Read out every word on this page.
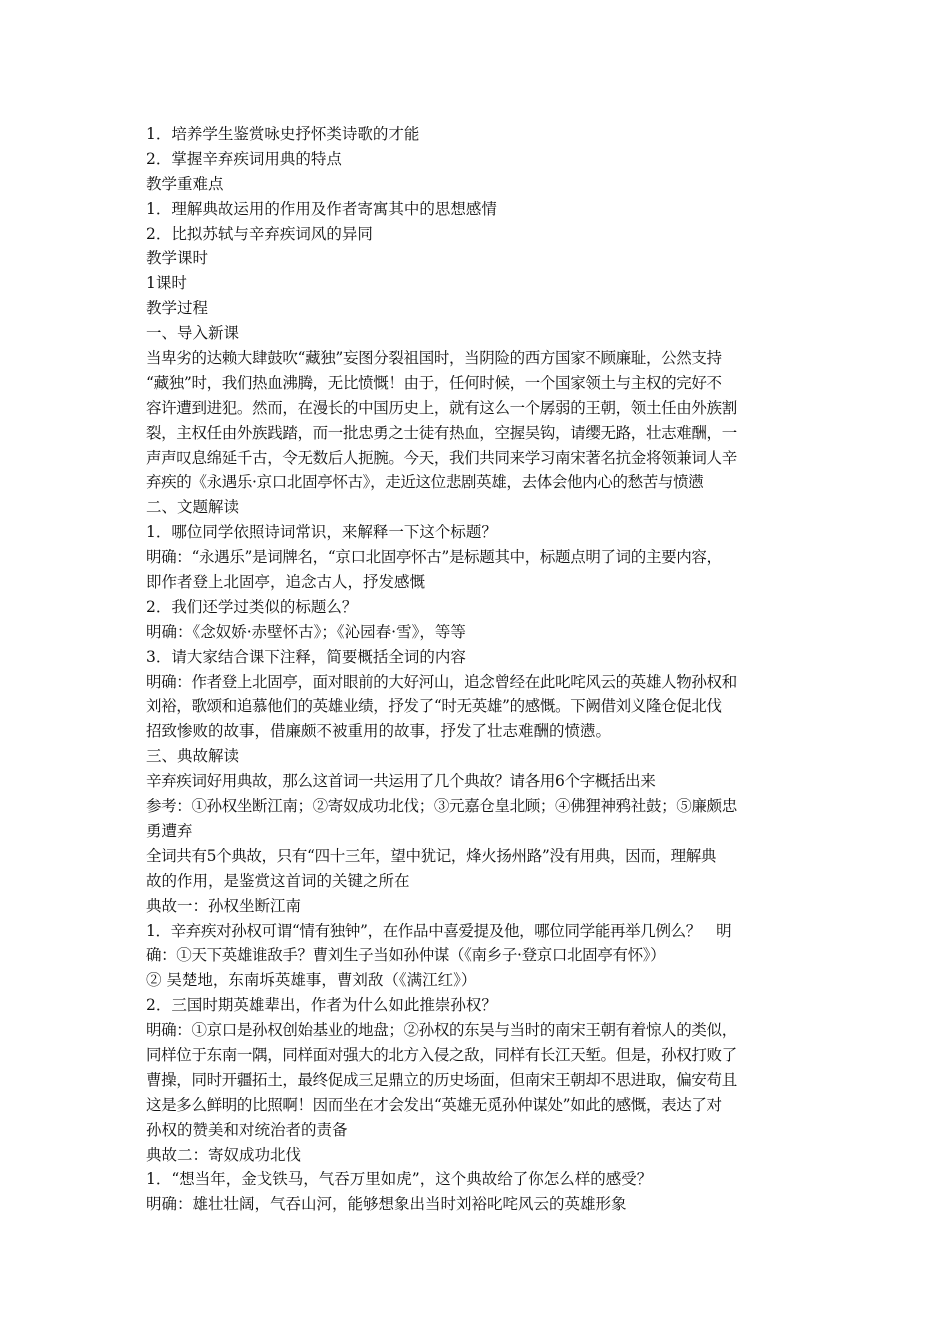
1．培养学生鉴赏咏史抒怀类诗歌的才能
2．掌握辛弃疾词用典的特点
教学重难点
1．理解典故运用的作用及作者寄寓其中的思想感情
2．比拟苏轼与辛弃疾词风的异同
教学课时
1课时
教学过程
一、导入新课
当卑劣的达赖大肆鼓吹“藏独”妄图分裂祖国时，当阴险的西方国家不顾廉耻，公然支持
“藏独”时，我们热血沸腾，无比愤慨！由于，任何时候，一个国家领土与主权的完好不
容许遭到进犯。然而，在漫长的中国历史上，就有这么一个孱弱的王朝，领土任由外族割
裂，主权任由外族践踏，而一批忠勇之士徒有热血，空握吴钩，请缨无路，壮志难酬，一
声声叹息绵延千古，令无数后人扼腕。今天，我们共同来学习南宋著名抗金将领兼词人辛
弃疾的《永遇乐·京口北固亭怀古》，走近这位悲剧英雄，去体会他内心的愁苦与愤懑
二、文题解读
1．哪位同学依照诗词常识，来解释一下这个标题？
明确：“永遇乐”是词牌名，“京口北固亭怀古”是标题其中，标题点明了词的主要内容，
即作者登上北固亭，追念古人，抒发感慨
2．我们还学过类似的标题么？
明确：《念奴娇·赤壁怀古》；《沁园春·雪》，等等
3．请大家结合课下注释，简要概括全词的内容
明确：作者登上北固亭，面对眼前的大好河山，追念曾经在此叱咤风云的英雄人物孙权和
刘裕，歌颂和追慕他们的英雄业绩，抒发了“时无英雄”的感慨。下阙借刘义隆仓促北伐
招致惨败的故事，借廉颇不被重用的故事，抒发了壮志难酬的愤懑。
三、典故解读
辛弃疾词好用典故，那么这首词一共运用了几个典故？请各用6个字概括出来
参考：①孙权坐断江南；②寄奴成功北伐；③元嘉仓皇北顾；④佛狸神鸦社鼓；⑤廉颇忠
勇遭弃
全词共有5个典故，只有“四十三年，望中犹记，烽火扬州路”没有用典，因而，理解典
故的作用，是鉴赏这首词的关键之所在
典故一：孙权坐断江南
1．辛弃疾对孙权可谓“情有独钟”，在作品中喜爱提及他，哪位同学能再举几例么？　明
确：①天下英雄谁敌手？曹刘生子当如孙仲谋（《南乡子·登京口北固亭有怀》）
② 吴楚地，东南坼英雄事，曹刘敌（《满江红》）
2．三国时期英雄辈出，作者为什么如此推崇孙权？
明确：①京口是孙权创始基业的地盘；②孙权的东吴与当时的南宋王朝有着惊人的类似，
同样位于东南一隅，同样面对强大的北方入侵之敌，同样有长江天堑。但是，孙权打败了
曹操，同时开疆拓土，最终促成三足鼎立的历史场面，但南宋王朝却不思进取，偏安苟且
这是多么鲜明的比照啊！因而坐在才会发出“英雄无觅孙仲谋处”如此的感慨，表达了对
孙权的赞美和对统治者的责备
典故二：寄奴成功北伐
1．“想当年，金戈铁马，气吞万里如虎”，这个典故给了你怎么样的感受？
明确：雄壮壮阔，气吞山河，能够想象出当时刘裕叱咤风云的英雄形象
